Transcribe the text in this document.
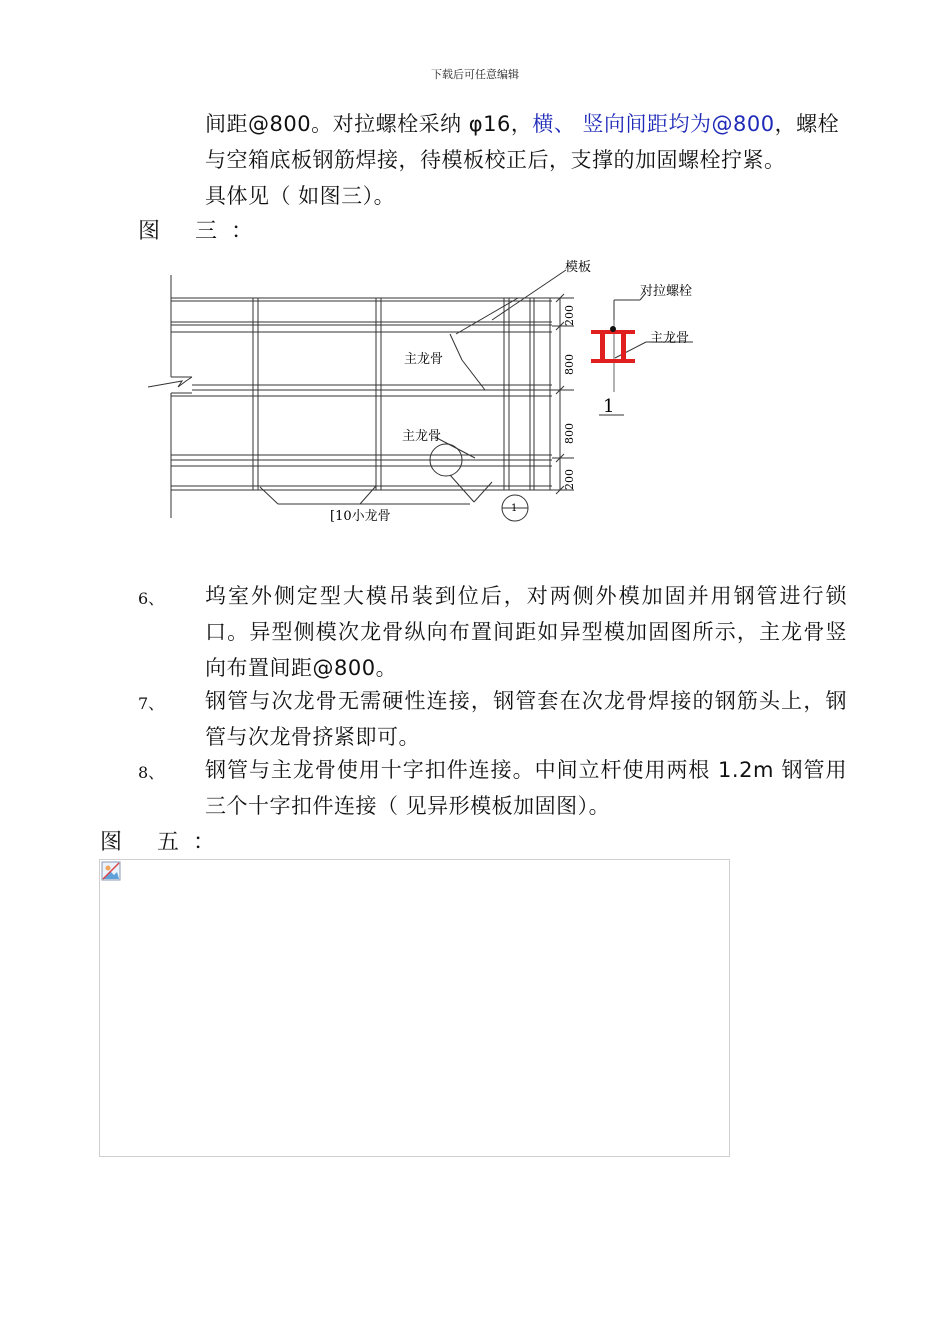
下载后可任意编辑
间距@800。对拉螺栓采纳 φ16，横、 竖向间距均为@800，螺栓
与空箱底板钢筋焊接，待模板校正后，支撑的加固螺栓拧紧。
具体见（ 如图三）。
图 三：
模板
对拉螺栓
主龙骨
主龙骨
主龙骨
[10小龙骨
1
1
200
800
800
200
6、 坞室外侧定型大模吊装到位后，对两侧外模加固并用钢管进行锁口。异型侧模次龙骨纵向布置间距如异型模加固图所示，主龙骨竖向布置间距@800。
7、 钢管与次龙骨无需硬性连接，钢管套在次龙骨焊接的钢筋头上，钢管与次龙骨挤紧即可。
8、 钢管与主龙骨使用十字扣件连接。中间立杆使用两根 1.2m 钢管用三个十字扣件连接（ 见异形模板加固图）。
图 五：
